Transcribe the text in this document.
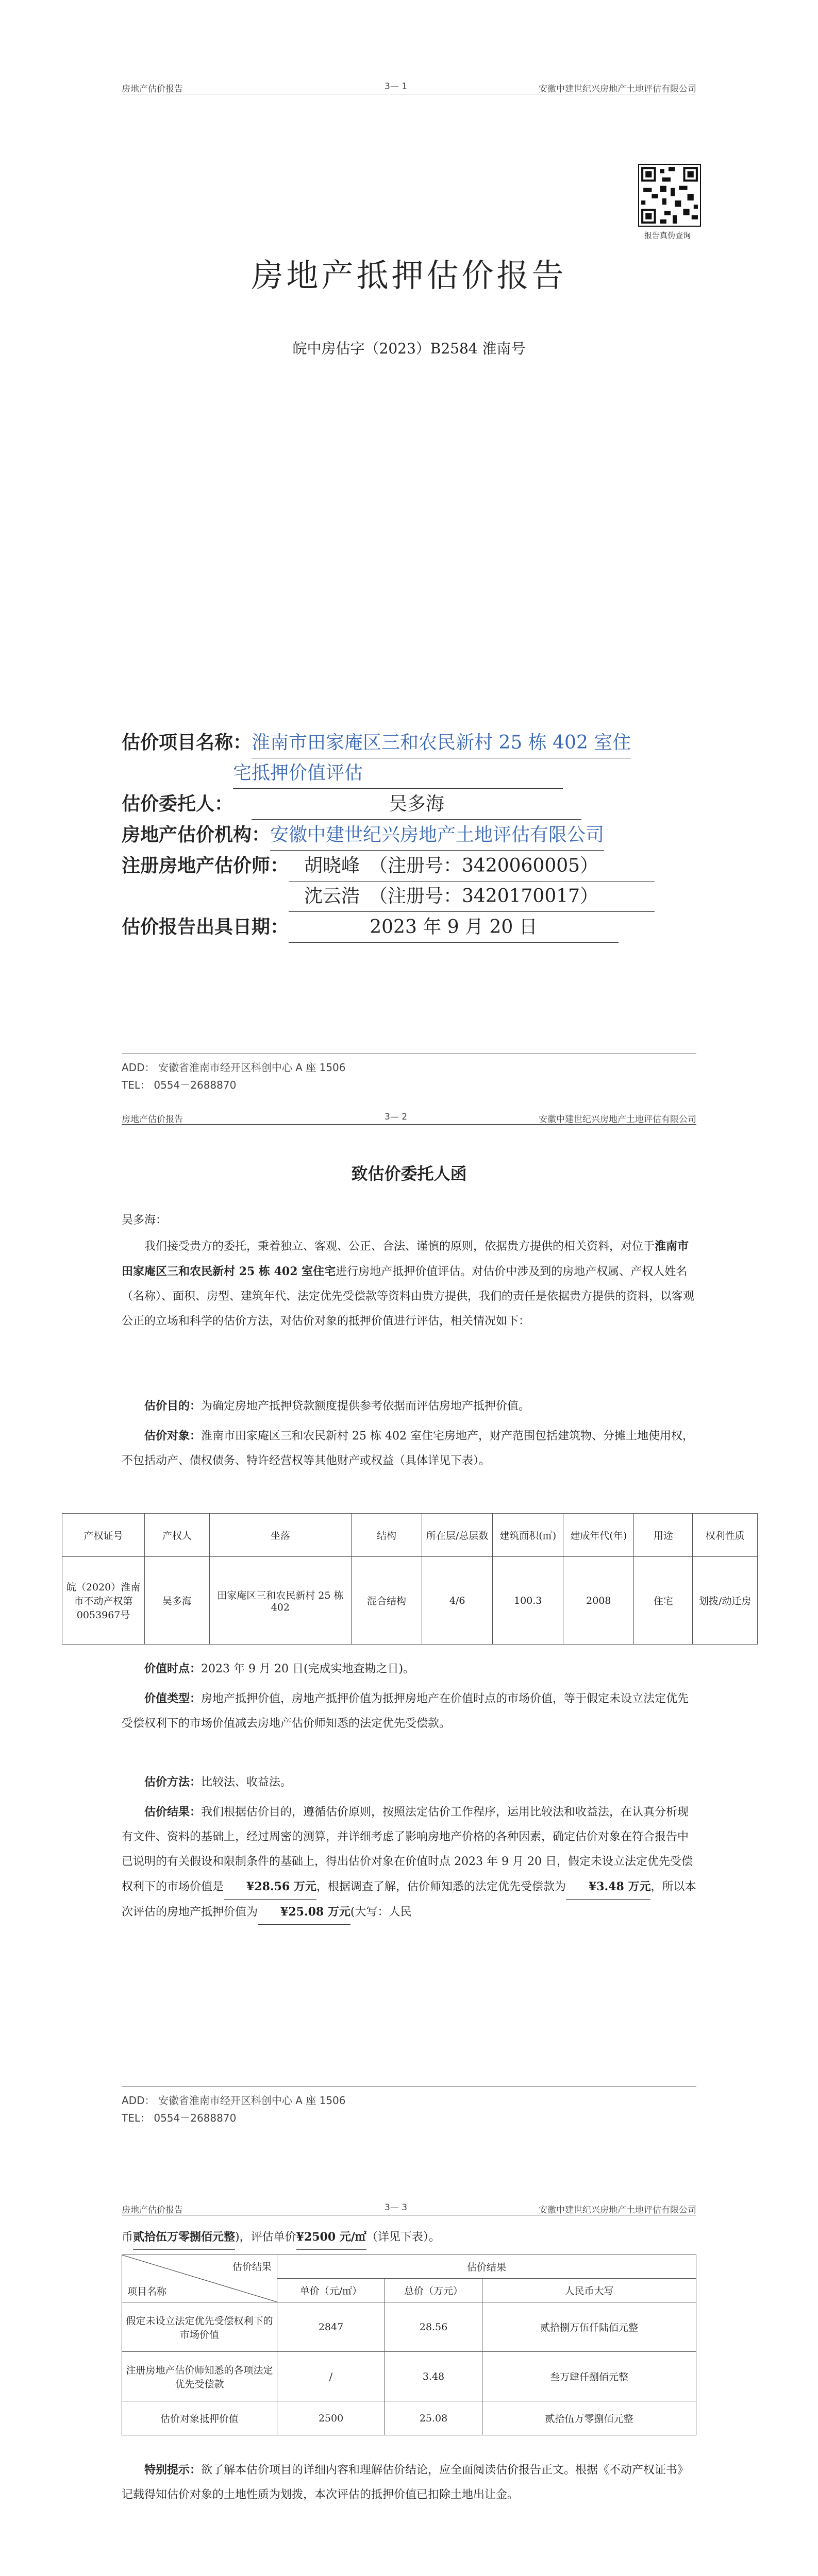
房地产估价报告	3— 1	安徽中建世纪兴房地产土地评估有限公司
报告真伪查询
房地产抵押估价报告
皖中房估字（2023）B2584 淮南号
估价项目名称：淮南市田家庵区三和农民新村 25 栋 402 室住
宅抵押价值评估
估价委托人：	吴多海
房地产估价机构：安徽中建世纪兴房地产土地评估有限公司
注册房地产估价师： 胡晓峰　（注册号：3420060005）
沈云浩　（注册号：3420170017）
估价报告出具日期：	2023 年 9 月 20 日
ADD： 安徽省淮南市经开区科创中心 A 座 1506
TEL： 0554－2688870
房地产估价报告	3— 2	安徽中建世纪兴房地产土地评估有限公司
致估价委托人函

吴多海：

我们接受贵方的委托，秉着独立、客观、公正、合法、谨慎的原则，依据贵方提供的相关资料，对位于淮南市田家庵区三和农民新村 25 栋 402 室住宅进行房地产抵押价值评估。对估价中涉及到的房地产权属、产权人姓名（名称）、面积、房型、建筑年代、法定优先受偿款等资料由贵方提供，我们的责任是依据贵方提供的资料，以客观公正的立场和科学的估价方法，对估价对象的抵押价值进行评估，相关情况如下：

估价目的：为确定房地产抵押贷款额度提供参考依据而评估房地产抵押价值。

估价对象：淮南市田家庵区三和农民新村 25 栋 402 室住宅房地产，财产范围包括建筑物、分摊土地使用权，不包括动产、债权债务、特许经营权等其他财产或权益（具体详见下表）。

产权证号	产权人	坐落	结构	所在层/总层数	建筑面积(㎡)	建成年代(年)	用途	权利性质
皖（2020）淮南市不动产权第0053967号	吴多海	田家庵区三和农民新村 25 栋 402	混合结构	4/6	100.3	2008	住宅	划拨/动迁房

价值时点：2023 年 9 月 20 日(完成实地查勘之日)。

价值类型：房地产抵押价值，房地产抵押价值为抵押房地产在价值时点的市场价值，等于假定未设立法定优先受偿权利下的市场价值减去房地产估价师知悉的法定优先受偿款。

估价方法：比较法、收益法。

估价结果：我们根据估价目的，遵循估价原则，按照法定估价工作程序，运用比较法和收益法，在认真分析现有文件、资料的基础上，经过周密的测算，并详细考虑了影响房地产价格的各种因素，确定估价对象在符合报告中已说明的有关假设和限制条件的基础上，得出估价对象在价值时点 2023 年 9 月 20 日，假定未设立法定优先受偿权利下的市场价值是 ¥28.56 万元，根据调查了解，估价师知悉的法定优先受偿款为 ¥3.48 万元，所以本次评估的房地产抵押价值为 ¥25.08 万元(大写：人民

ADD： 安徽省淮南市经开区科创中心 A 座 1506
TEL： 0554－2688870
房地产估价报告	3— 3	安徽中建世纪兴房地产土地评估有限公司

币贰拾伍万零捌佰元整)，评估单价¥2500 元/㎡（详见下表）。

估价结果
项目名称	估价结果		
	单价（元/㎡）	总价（万元）	人民币大写
假定未设立法定优先受偿权利下的市场价值	2847	28.56	贰拾捌万伍仟陆佰元整
注册房地产估价师知悉的各项法定优先受偿款	/	3.48	叁万肆仟捌佰元整
估价对象抵押价值	2500	25.08	贰拾伍万零捌佰元整

特别提示：欲了解本估价项目的详细内容和理解估价结论，应全面阅读估价报告正文。根据《不动产权证书》记载得知估价对象的土地性质为划拨，本次评估的抵押价值已扣除土地出让金。
